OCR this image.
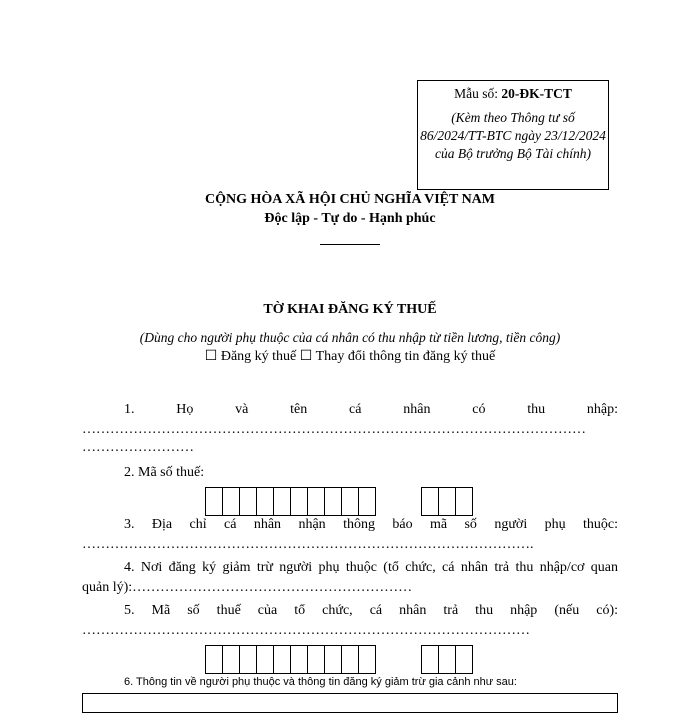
Mẫu số: 20-ĐK-TCT
(Kèm theo Thông tư số 86/2024/TT-BTC ngày 23/12/2024 của Bộ trưởng Bộ Tài chính)
CỘNG HÒA XÃ HỘI CHỦ NGHĨA VIỆT NAM
Độc lập - Tự do - Hạnh phúc
TỜ KHAI ĐĂNG KÝ THUẾ
(Dùng cho người phụ thuộc của cá nhân có thu nhập từ tiền lương, tiền công)
☐ Đăng ký thuế ☐ Thay đổi thông tin đăng ký thuế
1. Họ và tên cá nhân có thu nhập:
………………………………………………………………………………………………
……………………
2. Mã số thuế:
3. Địa chỉ cá nhân nhận thông báo mã số người phụ thuộc:
…………………………………………………………………………………….
4. Nơi đăng ký giảm trừ người phụ thuộc (tổ chức, cá nhân trả thu nhập/cơ quan
quản lý):……………………………………………………
5. Mã số thuế của tổ chức, cá nhân trả thu nhập (nếu có):
……………………………………………………………………………………
6. Thông tin về người phụ thuộc và thông tin đăng ký giảm trừ gia cảnh như sau:
